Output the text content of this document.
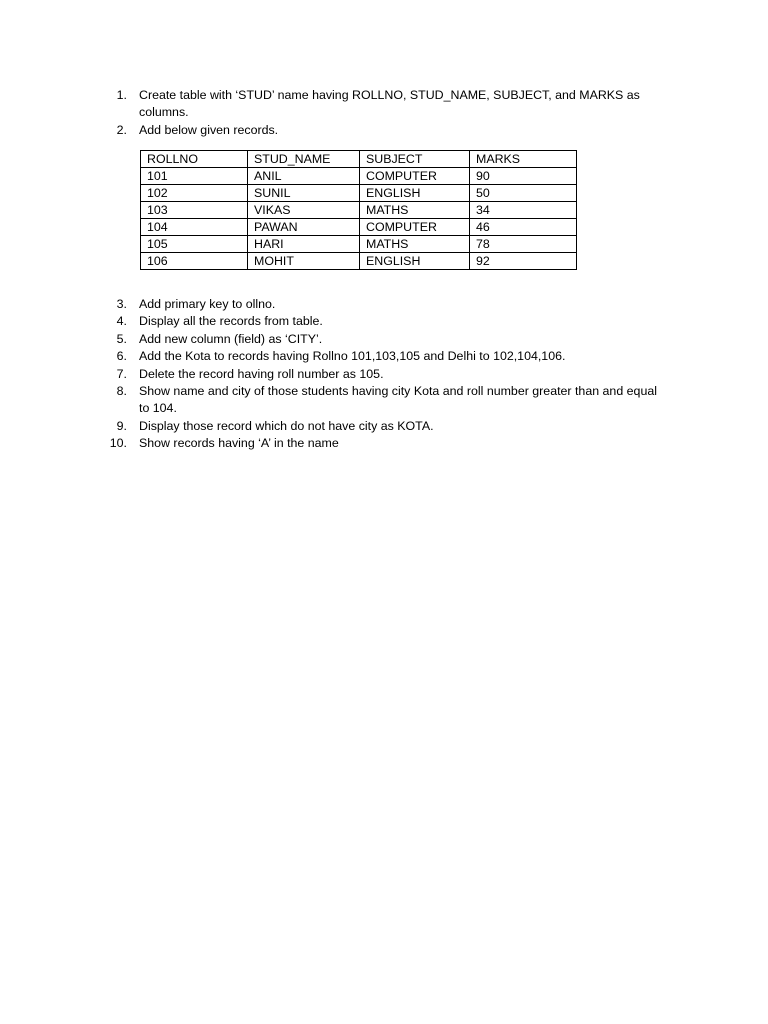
1. Create table with ‘STUD’ name having ROLLNO, STUD_NAME, SUBJECT, and MARKS as columns.
2. Add below given records.
ROLLNO	STUD_NAME	SUBJECT	MARKS
101	ANIL	COMPUTER	90
102	SUNIL	ENGLISH	50
103	VIKAS	MATHS	34
104	PAWAN	COMPUTER	46
105	HARI	MATHS	78
106	MOHIT	ENGLISH	92
3. Add primary key to ollno.
4. Display all the records from table.
5. Add new column (field) as ‘CITY’.
6. Add the Kota to records having Rollno 101,103,105 and Delhi to 102,104,106.
7. Delete the record having roll number as 105.
8. Show name and city of those students having city Kota and roll number greater than and equal to 104.
9. Display those record which do not have city as KOTA.
10. Show records having ‘A’ in the name
